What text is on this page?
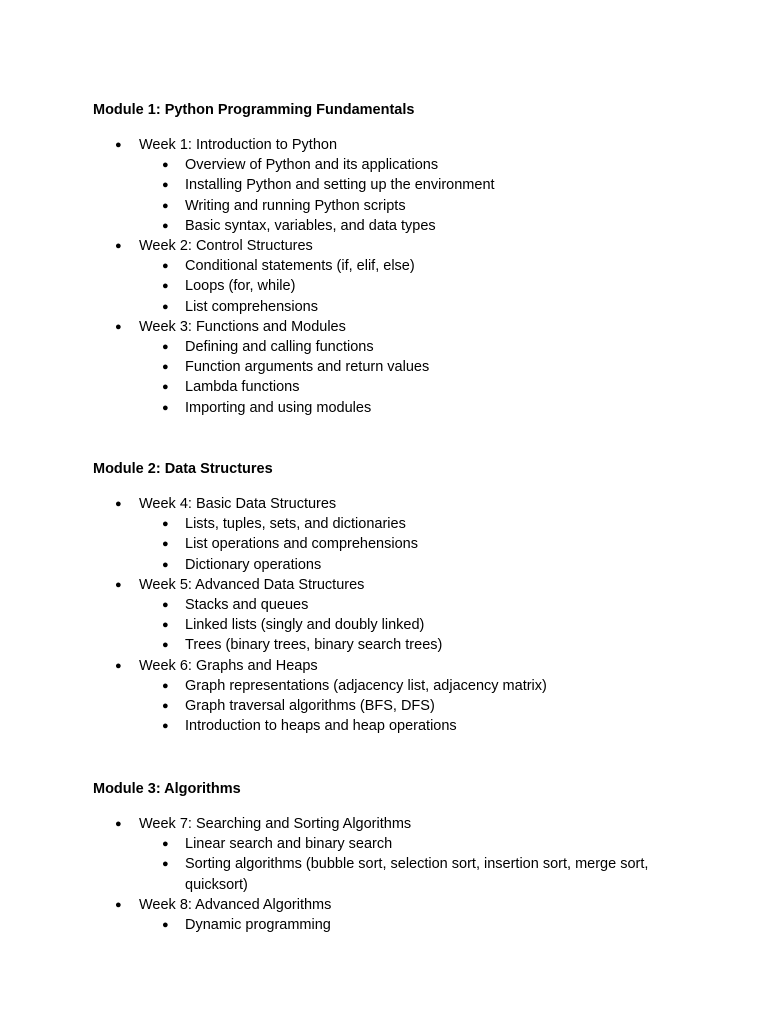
Module 1: Python Programming Fundamentals
● Week 1: Introduction to Python
● Overview of Python and its applications
● Installing Python and setting up the environment
● Writing and running Python scripts
● Basic syntax, variables, and data types
● Week 2: Control Structures
● Conditional statements (if, elif, else)
● Loops (for, while)
● List comprehensions
● Week 3: Functions and Modules
● Defining and calling functions
● Function arguments and return values
● Lambda functions
● Importing and using modules
Module 2: Data Structures
● Week 4: Basic Data Structures
● Lists, tuples, sets, and dictionaries
● List operations and comprehensions
● Dictionary operations
● Week 5: Advanced Data Structures
● Stacks and queues
● Linked lists (singly and doubly linked)
● Trees (binary trees, binary search trees)
● Week 6: Graphs and Heaps
● Graph representations (adjacency list, adjacency matrix)
● Graph traversal algorithms (BFS, DFS)
● Introduction to heaps and heap operations
Module 3: Algorithms
● Week 7: Searching and Sorting Algorithms
● Linear search and binary search
● Sorting algorithms (bubble sort, selection sort, insertion sort, merge sort, quicksort)
● Week 8: Advanced Algorithms
● Dynamic programming
